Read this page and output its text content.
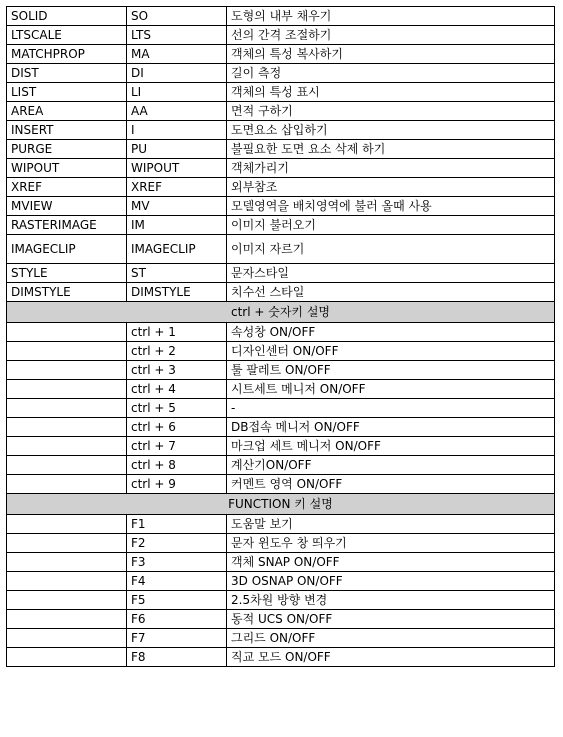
SOLID	SO	도형의 내부 채우기
LTSCALE	LTS	선의 간격 조절하기
MATCHPROP	MA	객체의 특성 복사하기
DIST	DI	길이 측정
LIST	LI	객체의 특성 표시
AREA	AA	면적 구하기
INSERT	I	도면요소 삽입하기
PURGE	PU	불필요한 도면 요소 삭제 하기
WIPOUT	WIPOUT	객체가리기
XREF	XREF	외부참조
MVIEW	MV	모델영역을 배치영역에 불러 올때 사용
RASTERIMAGE	IM	이미지 불러오기
IMAGECLIP	IMAGECLIP	이미지 자르기
STYLE	ST	문자스타일
DIMSTYLE	DIMSTYLE	치수선 스타일
ctrl + 숫자키 설명		
	ctrl + 1	속성창 ON/OFF
	ctrl + 2	디자인센터 ON/OFF
	ctrl + 3	툴 팔레트 ON/OFF
	ctrl + 4	시트세트 메니저 ON/OFF
	ctrl + 5	-
	ctrl + 6	DB접속 메니저 ON/OFF
	ctrl + 7	마크업 세트 메니저 ON/OFF
	ctrl + 8	계산기ON/OFF
	ctrl + 9	커멘트 영역 ON/OFF
FUNCTION 키 설명		
	F1	도움말 보기
	F2	문자 윈도우 창 띄우기
	F3	객체 SNAP ON/OFF
	F4	3D OSNAP ON/OFF
	F5	2.5차원 방향 변경
	F6	동적 UCS ON/OFF
	F7	그리드 ON/OFF
	F8	직교 모드 ON/OFF
